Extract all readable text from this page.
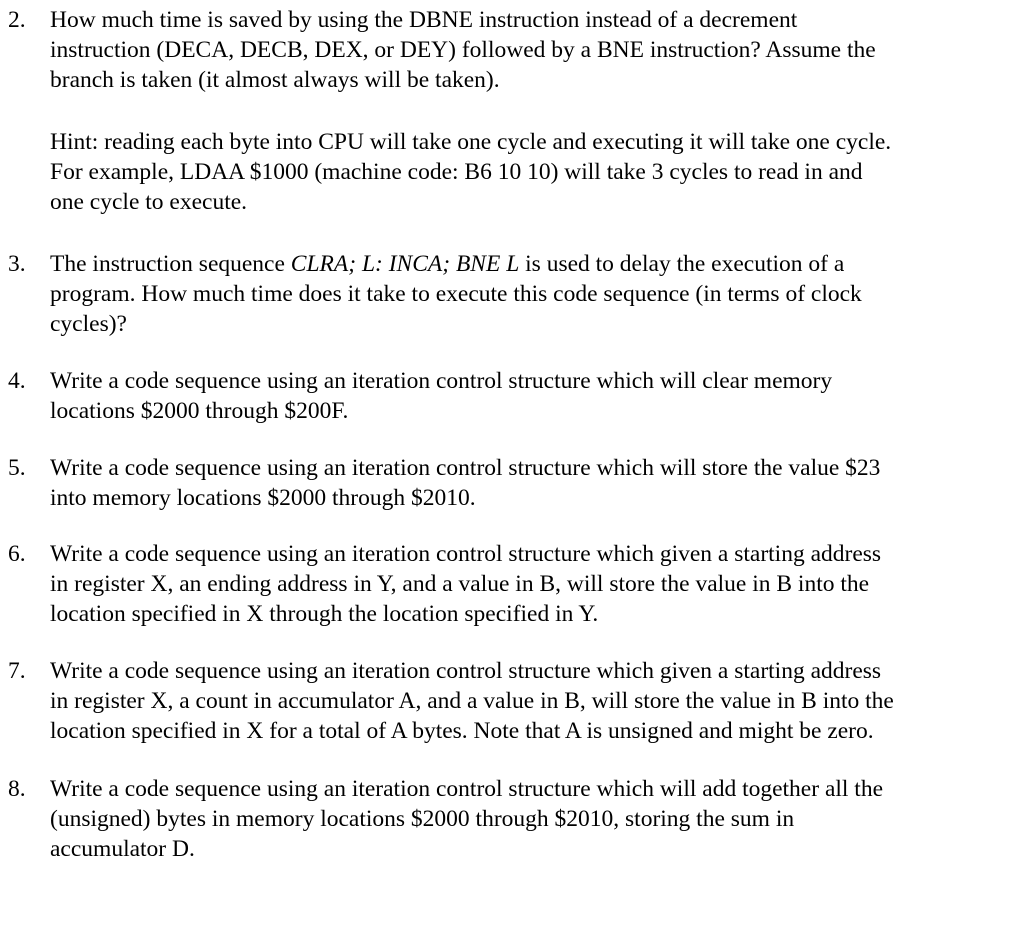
2.	How much time is saved by using the DBNE instruction instead of a decrement
instruction (DECA, DECB, DEX, or DEY) followed by a BNE instruction? Assume the
branch is taken (it almost always will be taken).
Hint: reading each byte into CPU will take one cycle and executing it will take one cycle.
For example, LDAA $1000 (machine code: B6 10 10) will take 3 cycles to read in and
one cycle to execute.
3.	The instruction sequence CLRA; L: INCA; BNE L is used to delay the execution of a
program. How much time does it take to execute this code sequence (in terms of clock
cycles)?
4.	Write a code sequence using an iteration control structure which will clear memory
locations $2000 through $200F.
5.	Write a code sequence using an iteration control structure which will store the value $23
into memory locations $2000 through $2010.
6.	Write a code sequence using an iteration control structure which given a starting address
in register X, an ending address in Y, and a value in B, will store the value in B into the
location specified in X through the location specified in Y.
7.	Write a code sequence using an iteration control structure which given a starting address
in register X, a count in accumulator A, and a value in B, will store the value in B into the
location specified in X for a total of A bytes. Note that A is unsigned and might be zero.
8.	Write a code sequence using an iteration control structure which will add together all the
(unsigned) bytes in memory locations $2000 through $2010, storing the sum in
accumulator D.
